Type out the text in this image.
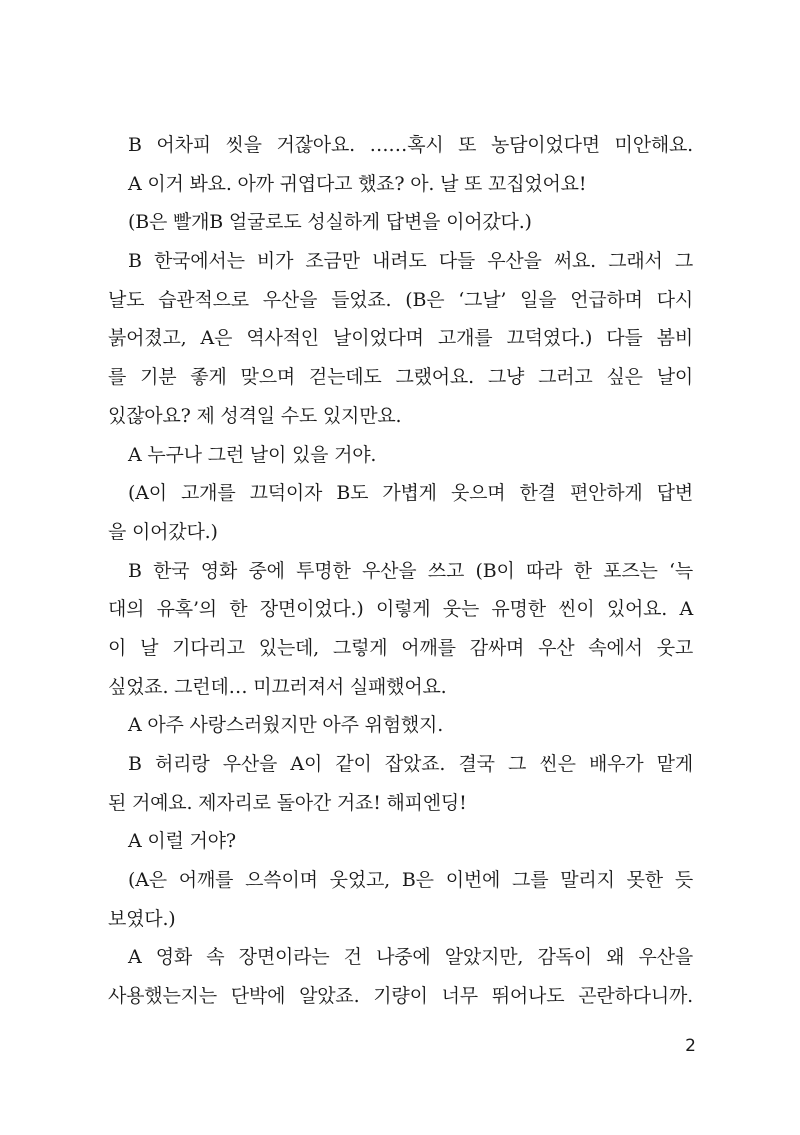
B 어차피 씻을 거잖아요. ……혹시 또 농담이었다면 미안해요.
A 이거 봐요. 아까 귀엽다고 했죠? 아. 날 또 꼬집었어요!
(B은 빨개B 얼굴로도 성실하게 답변을 이어갔다.)
B 한국에서는 비가 조금만 내려도 다들 우산을 써요. 그래서 그
날도 습관적으로 우산을 들었죠. (B은 ‘그날’ 일을 언급하며 다시
붉어졌고, A은 역사적인 날이었다며 고개를 끄덕였다.) 다들 봄비
를 기분 좋게 맞으며 걷는데도 그랬어요. 그냥 그러고 싶은 날이
있잖아요? 제 성격일 수도 있지만요.
A 누구나 그런 날이 있을 거야.
(A이 고개를 끄덕이자 B도 가볍게 웃으며 한결 편안하게 답변
을 이어갔다.)
B 한국 영화 중에 투명한 우산을 쓰고 (B이 따라 한 포즈는 ‘늑
대의 유혹’의 한 장면이었다.) 이렇게 웃는 유명한 씬이 있어요. A
이 날 기다리고 있는데, 그렇게 어깨를 감싸며 우산 속에서 웃고
싶었죠. 그런데… 미끄러져서 실패했어요.
A 아주 사랑스러웠지만 아주 위험했지.
B 허리랑 우산을 A이 같이 잡았죠. 결국 그 씬은 배우가 맡게
된 거예요. 제자리로 돌아간 거죠! 해피엔딩!
A 이럴 거야?
(A은 어깨를 으쓱이며 웃었고, B은 이번에 그를 말리지 못한 듯
보였다.)
A 영화 속 장면이라는 건 나중에 알았지만, 감독이 왜 우산을
사용했는지는 단박에 알았죠. 기량이 너무 뛰어나도 곤란하다니까.
2
